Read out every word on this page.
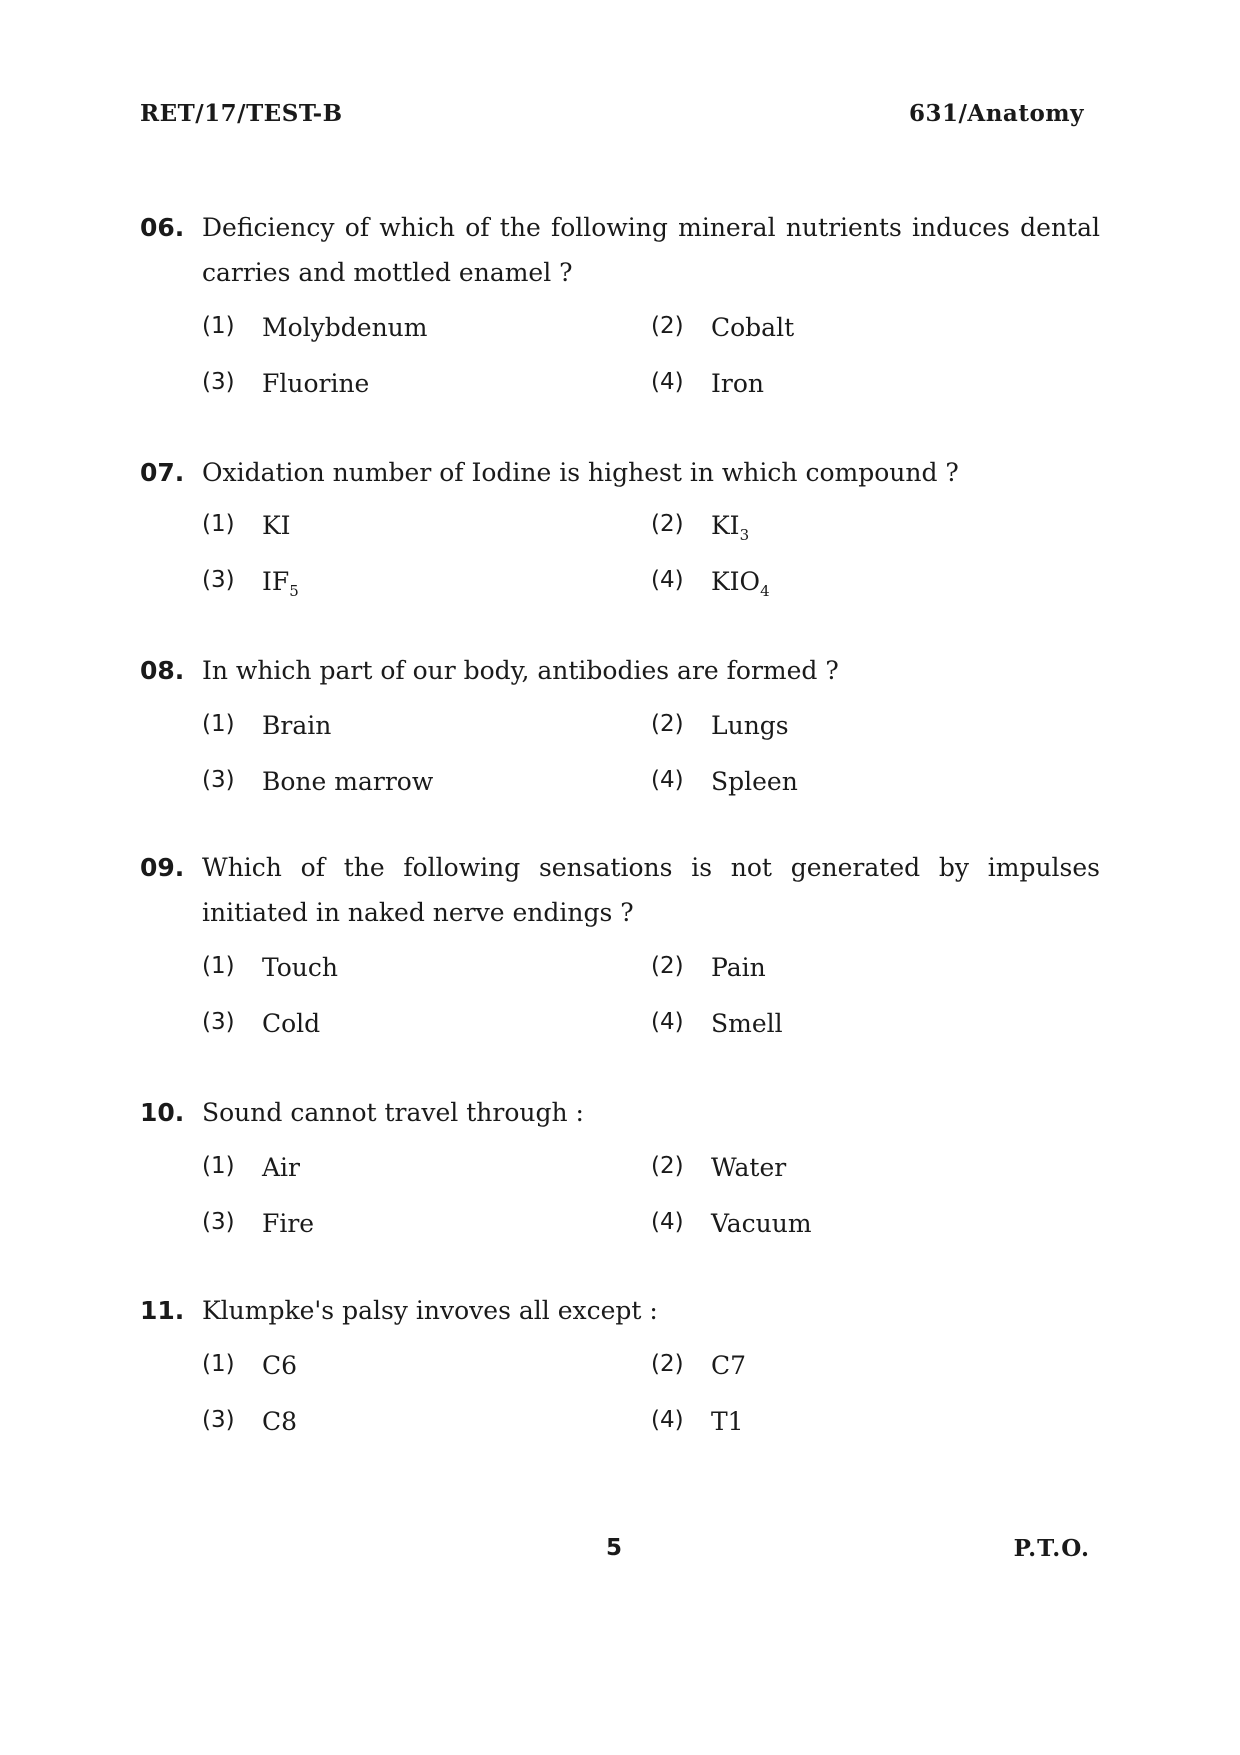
RET/17/TEST-B	631/Anatomy
06. Deficiency of which of the following mineral nutrients induces dental carries and mottled enamel ?
(1)	Molybdenum	(2)	Cobalt
(3)	Fluorine	(4)	Iron
07. Oxidation number of Iodine is highest in which compound ?
(1)	KI	(2)	$KI_3$
(3)	$IF_5$	(4)	$KIO_4$
08. In which part of our body, antibodies are formed ?
(1)	Brain	(2)	Lungs
(3)	Bone marrow	(4)	Spleen
09. Which of the following sensations is not generated by impulses initiated in naked nerve endings ?
(1)	Touch	(2)	Pain
(3)	Cold	(4)	Smell
10. Sound cannot travel through :
(1)	Air	(2)	Water
(3)	Fire	(4)	Vacuum
11. Klumpke's palsy invoves all except :
(1)	C6	(2)	C7
(3)	C8	(4)	T1
5	P.T.O.
